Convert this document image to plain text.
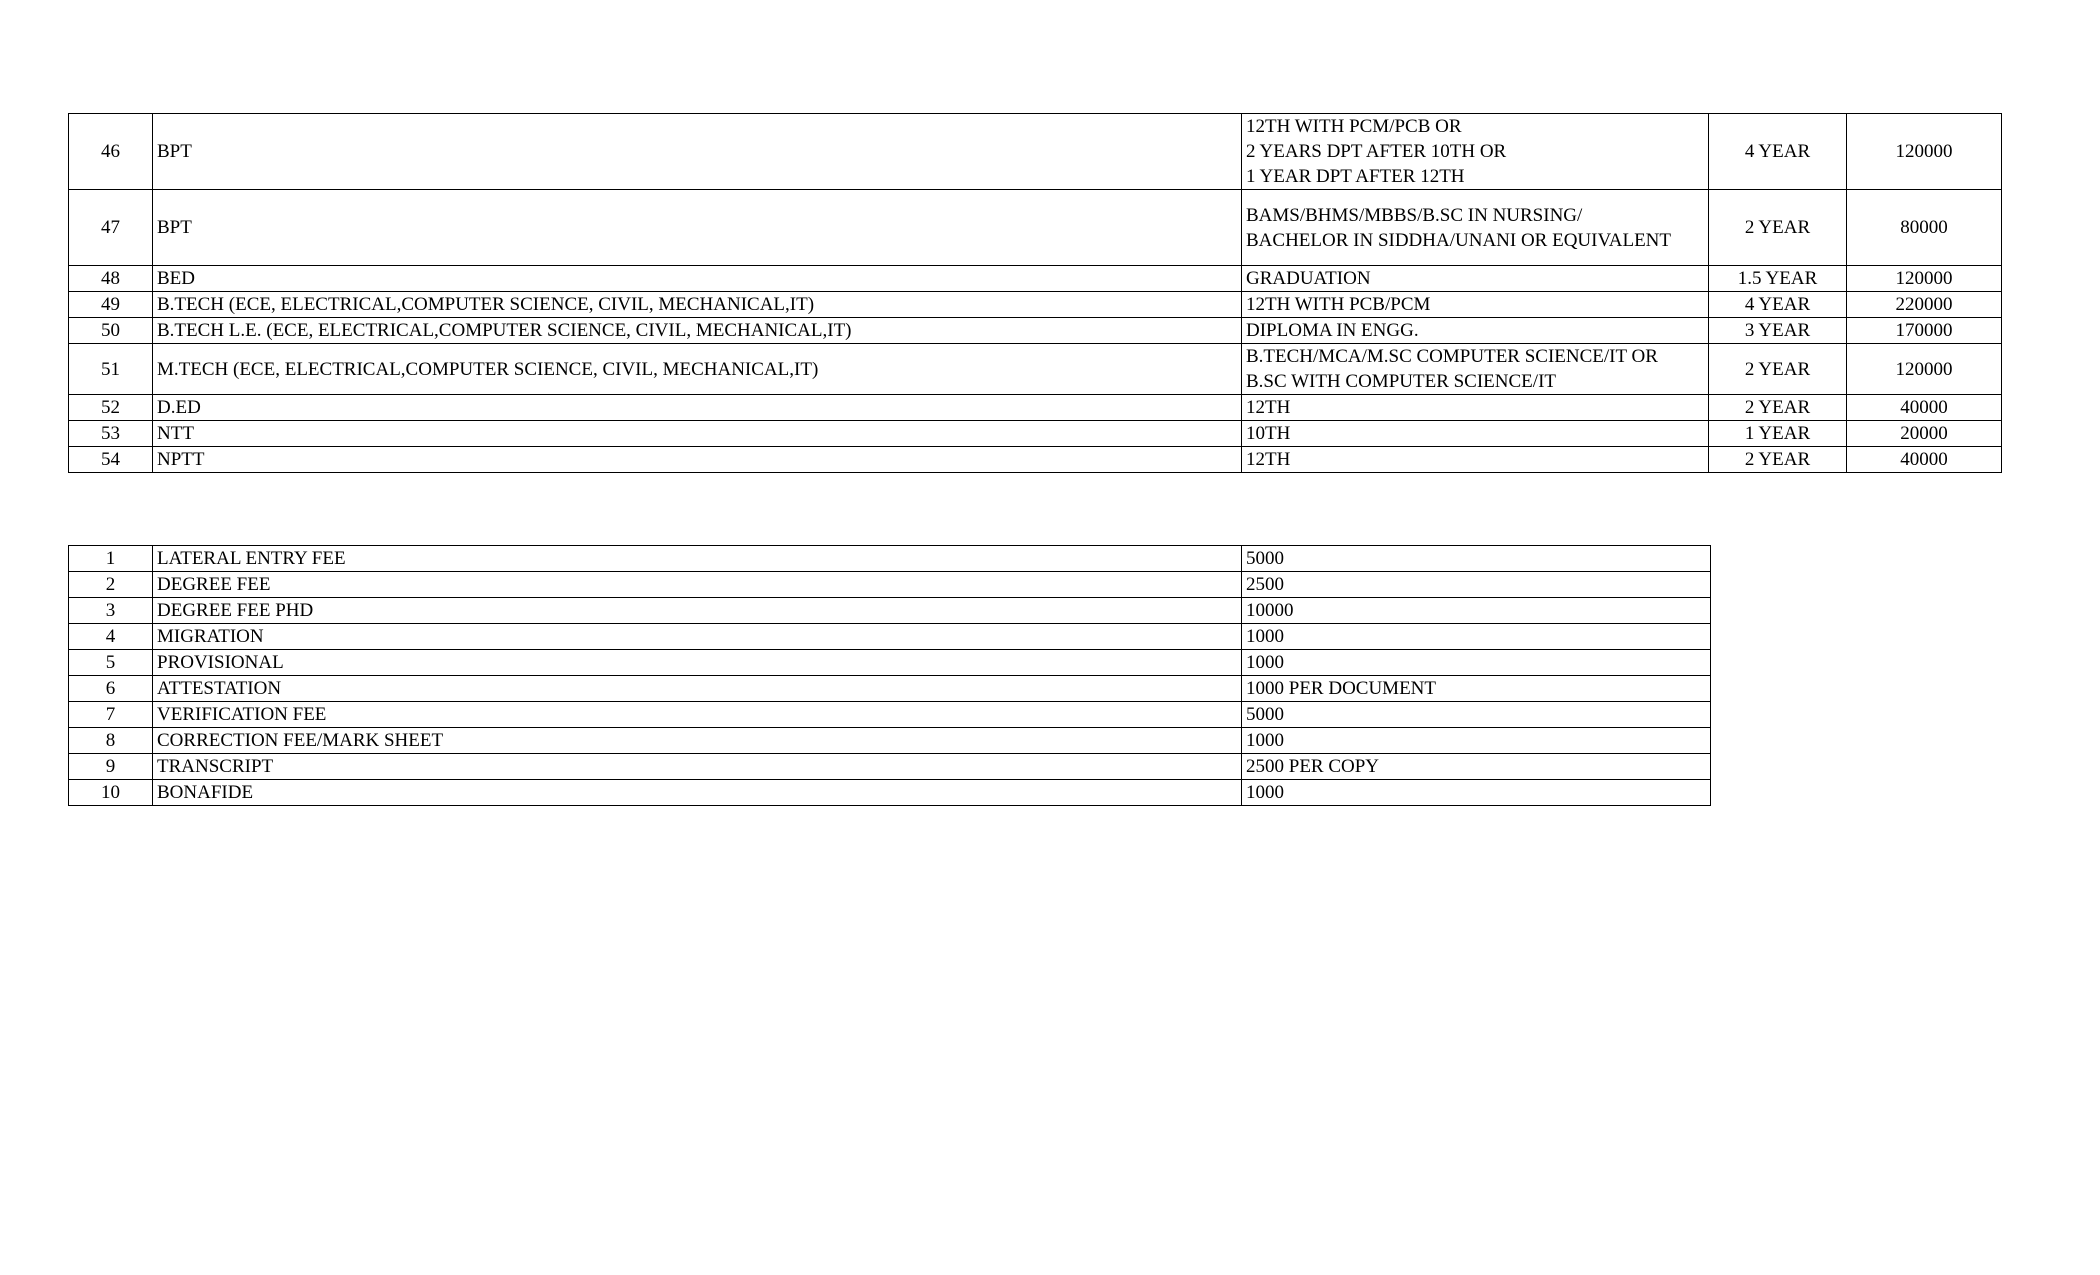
46	BPT	12TH WITH PCM/PCB OR
2 YEARS DPT AFTER 10TH OR
1 YEAR DPT AFTER 12TH	4 YEAR	120000
47	BPT	BAMS/BHMS/MBBS/B.SC IN NURSING/
BACHELOR IN SIDDHA/UNANI OR EQUIVALENT	2 YEAR	80000
48	BED	GRADUATION	1.5 YEAR	120000
49	B.TECH (ECE, ELECTRICAL,COMPUTER SCIENCE, CIVIL, MECHANICAL,IT)	12TH WITH PCB/PCM	4 YEAR	220000
50	B.TECH L.E. (ECE, ELECTRICAL,COMPUTER SCIENCE, CIVIL, MECHANICAL,IT)	DIPLOMA IN ENGG.	3 YEAR	170000
51	M.TECH (ECE, ELECTRICAL,COMPUTER SCIENCE, CIVIL, MECHANICAL,IT)	B.TECH/MCA/M.SC COMPUTER SCIENCE/IT OR
B.SC WITH COMPUTER SCIENCE/IT	2 YEAR	120000
52	D.ED	12TH	2 YEAR	40000
53	NTT	10TH	1 YEAR	20000
54	NPTT	12TH	2 YEAR	40000
1	LATERAL ENTRY FEE	5000
2	DEGREE FEE	2500
3	DEGREE FEE PHD	10000
4	MIGRATION	1000
5	PROVISIONAL	1000
6	ATTESTATION	1000 PER DOCUMENT
7	VERIFICATION FEE	5000
8	CORRECTION FEE/MARK SHEET	1000
9	TRANSCRIPT	2500 PER COPY
10	BONAFIDE	1000
